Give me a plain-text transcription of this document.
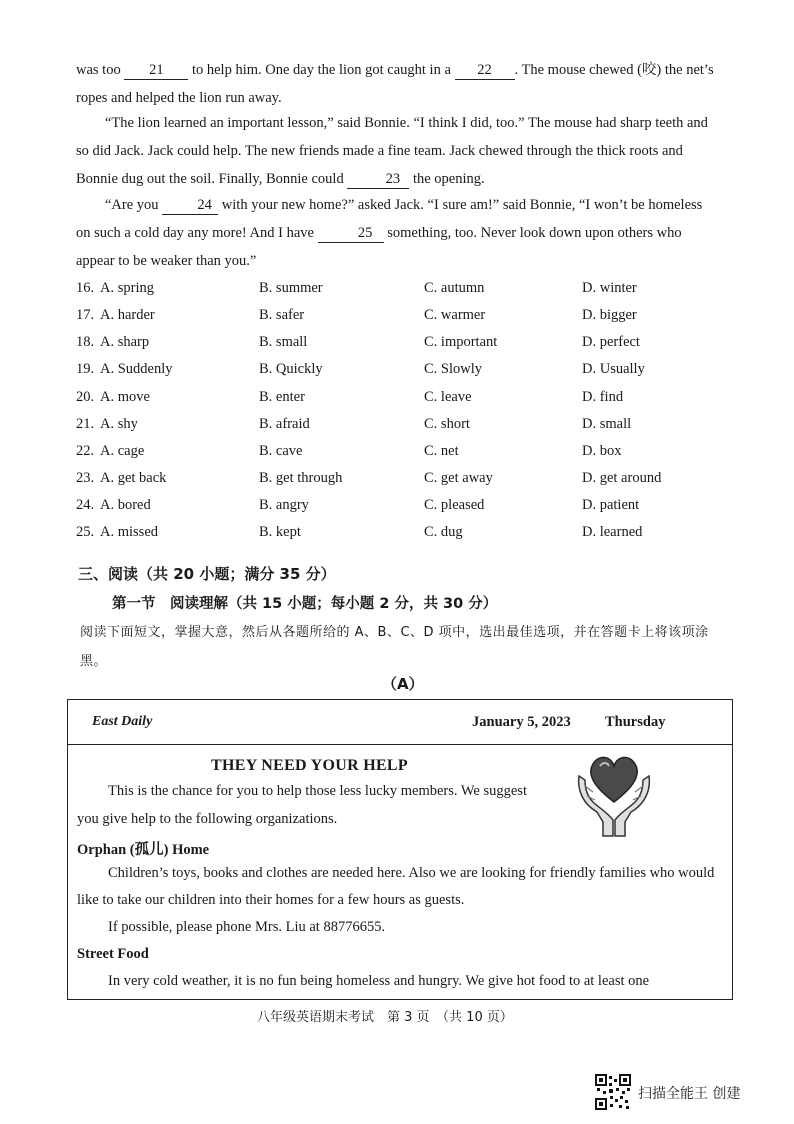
was too 21 to help him. One day the lion got caught in a 22 . The mouse chewed (咬) the net’s ropes and helped the lion run away.

“The lion learned an important lesson,” said Bonnie. “I think I did, too.” The mouse had sharp teeth and so did Jack. Jack could help. The new friends made a fine team. Jack chewed through the thick roots and Bonnie dug out the soil. Finally, Bonnie could	23 the opening.

“Are you 24 with your new home?” asked Jack. “I sure am!” said Bonnie, “I won’t be homeless on such a cold day any more! And I have	25 something, too. Never look down upon others who appear to be weaker than you.”

16. A. spring	B. summer	C. autumn	D. winter
17. A. harder	B. safer	C. warmer	D. bigger
18. A. sharp	B. small	C. important	D. perfect
19. A. Suddenly	B. Quickly	C. Slowly	D. Usually
20. A. move	B. enter	C. leave	D. find
21. A. shy	B. afraid	C. short	D. small
22. A. cage	B. cave	C. net	D. box
23. A. get back	B. get through	C. get away	D. get around
24. A. bored	B. angry	C. pleased	D. patient
25. A. missed	B. kept	C. dug	D. learned
三、阅读（共 20 小题；满分 35 分）
第一节　阅读理解（共 15 小题；每小题 2 分，共 30 分）
阅读下面短文，掌握大意，然后从各题所给的 A、B、C、D 项中，选出最佳选项，并在答题卡上将该项涂黑。
（A）
East Daily	January 5, 2023 Thursday
THEY NEED YOUR HELP

This is the chance for you to help those less lucky members. We suggest

you give help to the following organizations.

Orphan (孤儿) Home

Children’s toys, books and clothes are needed here. Also we are looking for friendly families who would like to take our children into their homes for a few hours as guests.

If possible, please phone Mrs. Liu at 88776655.

Street Food

In very cold weather, it is no fun being homeless and hungry. We give hot food to at least one

八年级英语期末考试　第 3 页　（共 10 页）
扫描全能王 创建
